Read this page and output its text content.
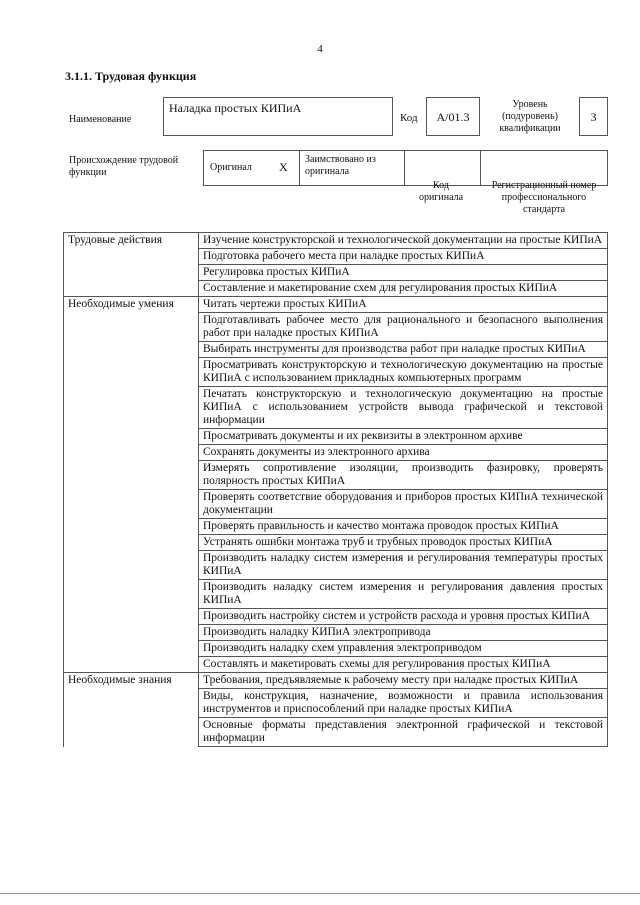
4
3.1.1. Трудовая функция
Наименование
Наладка простых КИПиА
Код	А/01.3
Уровень (подуровень) квалификации
3
Происхождение трудовой функции	Оригинал X
Заимствовано из оригинала
Код оригинала
Регистрационный номер профессионального стандарта
Трудовые действия	Изучение конструкторской и технологической документации на простые КИПиА
	Подготовка рабочего места при наладке простых КИПиА
	Регулировка простых КИПиА
	Составление и макетирование схем для регулирования простых КИПиА
Необходимые умения	Читать чертежи простых КИПиА
	Подготавливать рабочее место для рационального и безопасного выполнения работ при наладке простых КИПиА
	Выбирать инструменты для производства работ при наладке простых КИПиА
	Просматривать конструкторскую и технологическую документацию на простые КИПиА с использованием прикладных компьютерных программ
	Печатать конструкторскую и технологическую документацию на простые КИПиА с использованием устройств вывода графической и текстовой информации
	Просматривать документы и их реквизиты в электронном архиве
	Сохранять документы из электронного архива
	Измерять сопротивление изоляции, производить фазировку, проверять полярность простых КИПиА
	Проверять соответствие оборудования и приборов простых КИПиА технической документации
	Проверять правильность и качество монтажа проводок простых КИПиА
	Устранять ошибки монтажа труб и трубных проводок простых КИПиА
	Производить наладку систем измерения и регулирования температуры простых КИПиА
	Производить наладку систем измерения и регулирования давления простых КИПиА
	Производить настройку систем и устройств расхода и уровня простых КИПиА
	Производить наладку КИПиА электропривода
	Производить наладку схем управления электроприводом
	Составлять и макетировать схемы для регулирования простых КИПиА
Необходимые знания	Требования, предъявляемые к рабочему месту при наладке простых КИПиА
	Виды, конструкция, назначение, возможности и правила использования инструментов и приспособлений при наладке простых КИПиА
	Основные форматы представления электронной графической и текстовой информации
